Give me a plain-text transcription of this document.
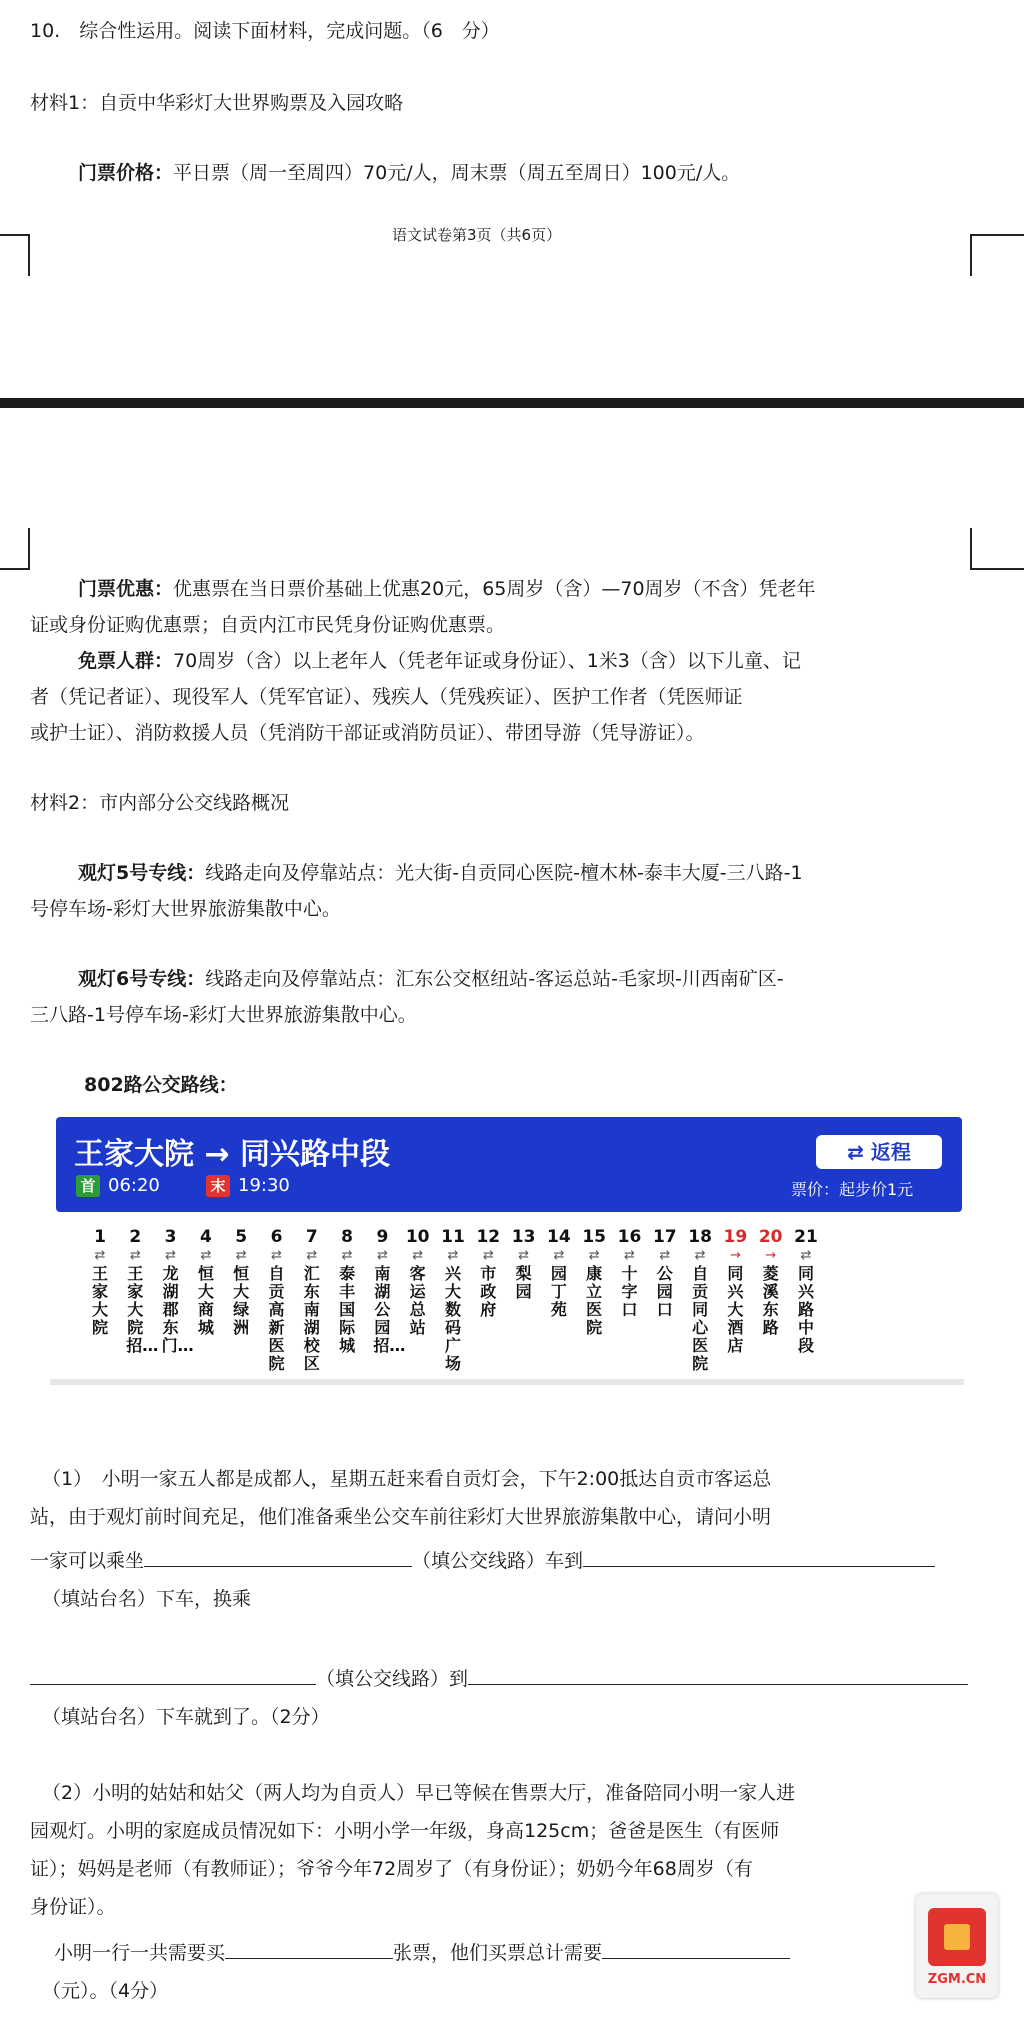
10.　综合性运用。阅读下面材料，完成问题。（6　分）
材料1：自贡中华彩灯大世界购票及入园攻略
门票价格：平日票（周一至周四）70元/人，周末票（周五至周日）100元/人。
语文试卷第3页（共6页）
门票优惠：优惠票在当日票价基础上优惠20元，65周岁（含）—70周岁（不含）凭老年
证或身份证购优惠票；自贡内江市民凭身份证购优惠票。
免票人群：70周岁（含）以上老年人（凭老年证或身份证）、1米3（含）以下儿童、记
者（凭记者证）、现役军人（凭军官证）、残疾人（凭残疾证）、医护工作者（凭医师证
或护士证）、消防救援人员（凭消防干部证或消防员证）、带团导游（凭导游证）。
材料2：市内部分公交线路概况
观灯5号专线：线路走向及停靠站点：光大街-自贡同心医院-檀木林-泰丰大厦-三八路-1
号停车场-彩灯大世界旅游集散中心。
观灯6号专线：线路走向及停靠站点：汇东公交枢纽站-客运总站-毛家坝-川西南矿区-
三八路-1号停车场-彩灯大世界旅游集散中心。
802路公交路线：
王家大院 → 同兴路中段	⇄ 返程
首 06:20	末 19:30	票价：起步价1元
1
⇄
王家大院
2
⇄
王家大院招…
3
⇄
龙湖郡东门…
4
⇄
恒大商城
5
⇄
恒大绿洲
6
⇄
自贡高新医院
7
⇄
汇东南湖校区
8
⇄
泰丰国际城
9
⇄
南湖公园招…
10
⇄
客运总站
11
⇄
兴大数码广场
12
⇄
市政府
13
⇄
梨园
14
⇄
园丁苑
15
⇄
康立医院
16
⇄
十字口
17
⇄
公园口
18
⇄
自贡同心医院
19
→
同兴大酒店
20
→
菱溪东路
21
⇄
同兴路中段
（1）　小明一家五人都是成都人，星期五赶来看自贡灯会，下午2:00抵达自贡市客运总
站，由于观灯前时间充足，他们准备乘坐公交车前往彩灯大世界旅游集散中心，请问小明
一家可以乘坐	（填公交线路）车到
（填站台名）下车，换乘
（填公交线路）到
（填站台名）下车就到了。（2分）
（2）小明的姑姑和姑父（两人均为自贡人）早已等候在售票大厅，准备陪同小明一家人进
园观灯。小明的家庭成员情况如下：小明小学一年级，身高125cm；爸爸是医生（有医师
证）；妈妈是老师（有教师证）；爷爷今年72周岁了（有身份证）；奶奶今年68周岁（有
身份证）。
小明一行一共需要买	张票，他们买票总计需要
（元）。（4分）
ZGM.CN
